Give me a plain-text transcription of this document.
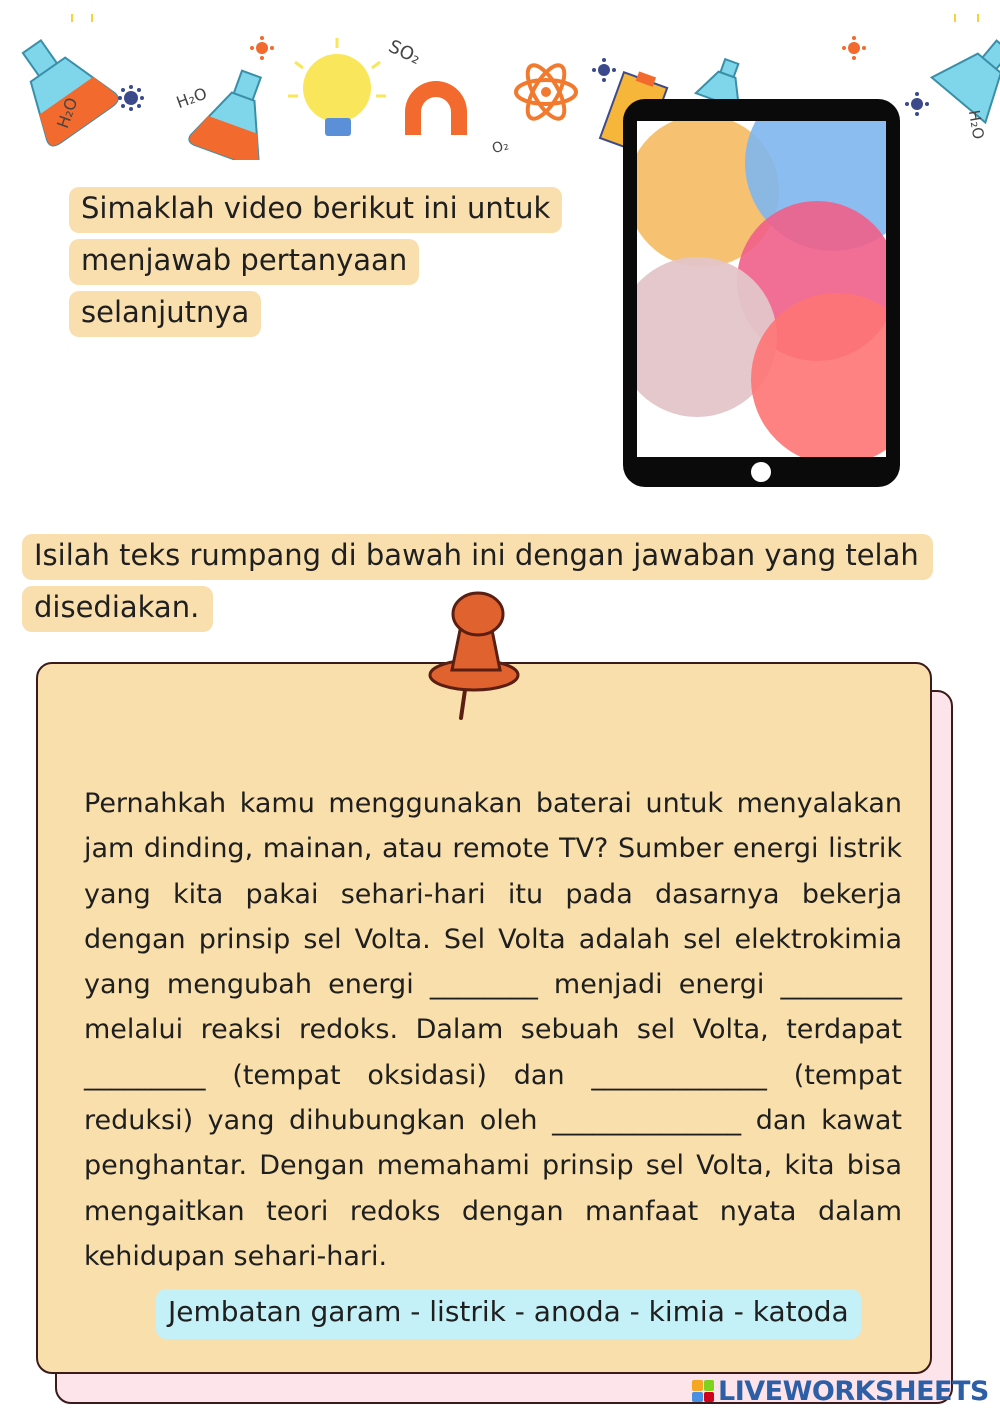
H₂O	H₂O
SO₂
O₂
H₂O
Simaklah video berikut ini untuk
menjawab pertanyaan
selanjutnya
Isilah teks rumpang di bawah ini dengan jawaban yang telah
disediakan.

Pernahkah kamu menggunakan baterai untuk menyalakan jam dinding, mainan, atau remote TV? Sumber energi listrik yang kita pakai sehari-hari itu pada dasarnya bekerja dengan prinsip sel Volta. Sel Volta adalah sel elektrokimia yang mengubah energi ________ menjadi energi _________ melalui reaksi redoks. Dalam sebuah sel Volta, terdapat _________ (tempat oksidasi) dan _____________ (tempat reduksi) yang dihubungkan oleh ______________ dan kawat penghantar. Dengan memahami prinsip sel Volta, kita bisa mengaitkan teori redoks dengan manfaat nyata dalam kehidupan sehari-hari.

Jembatan garam - listrik - anoda - kimia - katoda
LIVEWORKSHEETS
